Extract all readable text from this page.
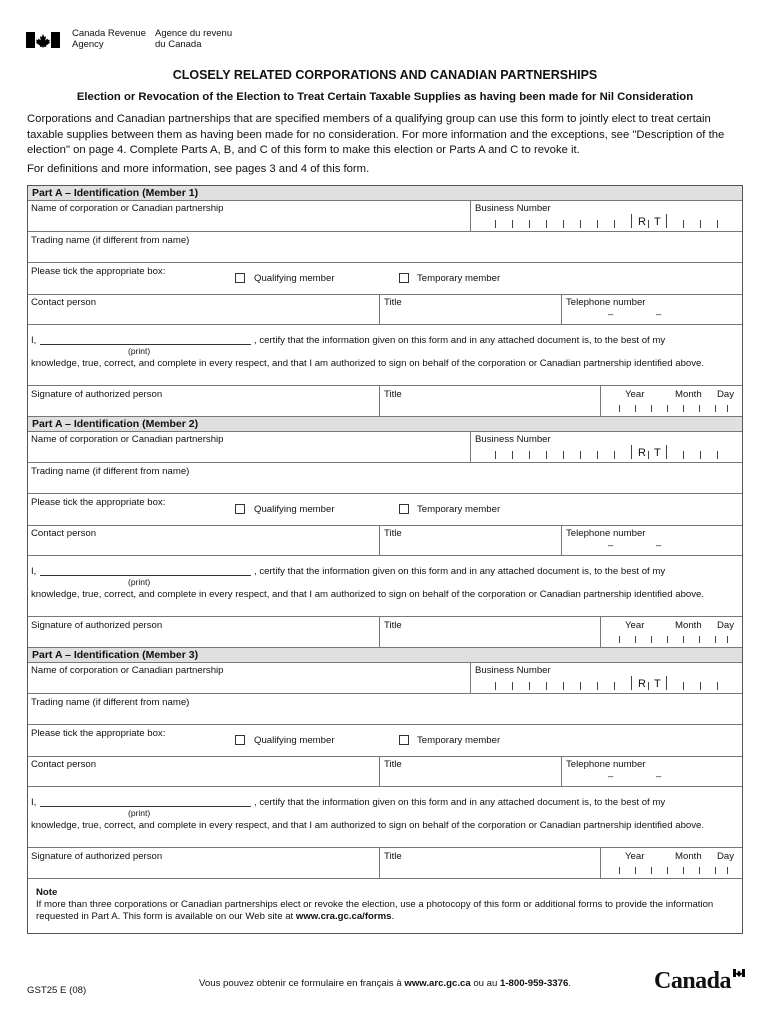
Canada Revenue
Agency
Agence du revenu
du Canada
CLOSELY RELATED CORPORATIONS AND CANADIAN PARTNERSHIPS
Election or Revocation of the Election to Treat Certain Taxable Supplies as having been made for Nil Consideration
Corporations and Canadian partnerships that are specified members of a qualifying group can use this form to jointly elect to treat certain taxable supplies between them as having been made for no consideration. For more information and the exceptions, see "Description of the election" on page 4. Complete Parts A, B, and C of this form to make this election or Parts A and C to revoke it.
For definitions and more information, see pages 3 and 4 of this form.
Part A – Identification (Member 1)
Name of corporation or Canadian partnership	Business Number
R T
Trading name (if different from name)
Please tick the appropriate box:
Qualifying member	Temporary member
Contact person	Title	Telephone number
–	–
I,	, certify that the information given on this form and in any attached document is, to the best of my
(print)
knowledge, true, correct, and complete in every respect, and that I am authorized to sign on behalf of the corporation or Canadian partnership identified above.
Signature of authorized person	Title	Year	Month Day
Part A – Identification (Member 2)
Name of corporation or Canadian partnership	Business Number
R T
Trading name (if different from name)
Please tick the appropriate box:
Qualifying member	Temporary member
Contact person	Title	Telephone number
–	–
I,	, certify that the information given on this form and in any attached document is, to the best of my
(print)
knowledge, true, correct, and complete in every respect, and that I am authorized to sign on behalf of the corporation or Canadian partnership identified above.
Signature of authorized person	Title	Year	Month Day
Part A – Identification (Member 3)
Name of corporation or Canadian partnership	Business Number
R T
Trading name (if different from name)
Please tick the appropriate box:
Qualifying member	Temporary member
Contact person	Title	Telephone number
–	–
I,	, certify that the information given on this form and in any attached document is, to the best of my
(print)
knowledge, true, correct, and complete in every respect, and that I am authorized to sign on behalf of the corporation or Canadian partnership identified above.
Signature of authorized person	Title	Year	Month Day
Note
If more than three corporations or Canadian partnerships elect or revoke the election, use a photocopy of this form or additional forms to provide the information requested in Part A. This form is available on our Web site at www.cra.gc.ca/forms.
GST25 E (08)
Vous pouvez obtenir ce formulaire en français à www.arc.gc.ca ou au 1-800-959-3376.	Canada
